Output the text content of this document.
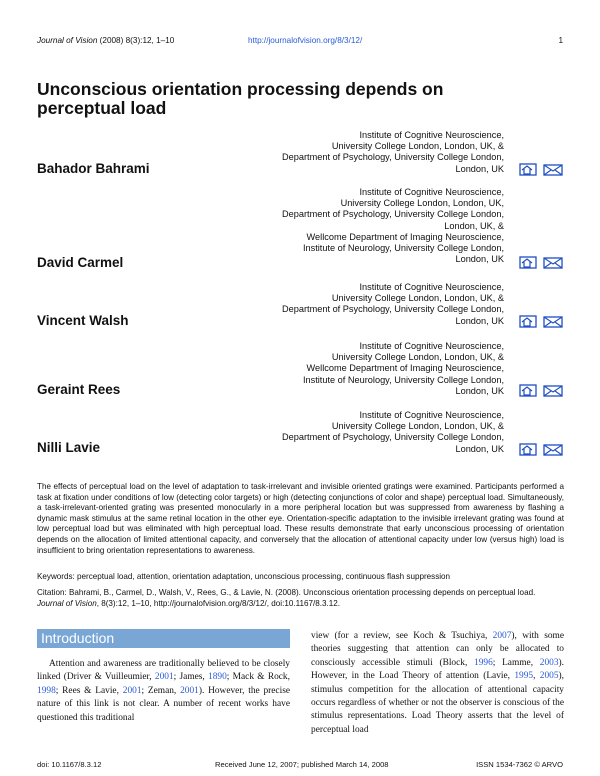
Journal of Vision (2008) 8(3):12, 1–10	http://journalofvision.org/8/3/12/	1
Unconscious orientation processing depends on perceptual load
Institute of Cognitive Neuroscience,
University College London, London, UK, &
Department of Psychology, University College London,
London, UK
Bahador Bahrami
Institute of Cognitive Neuroscience,
University College London, London, UK,
Department of Psychology, University College London,
London, UK, &
Wellcome Department of Imaging Neuroscience,
Institute of Neurology, University College London,
London, UK
David Carmel
Institute of Cognitive Neuroscience,
University College London, London, UK, &
Department of Psychology, University College London,
London, UK
Vincent Walsh
Institute of Cognitive Neuroscience,
University College London, London, UK, &
Wellcome Department of Imaging Neuroscience,
Institute of Neurology, University College London,
London, UK
Geraint Rees
Institute of Cognitive Neuroscience,
University College London, London, UK, &
Department of Psychology, University College London,
London, UK
Nilli Lavie
The effects of perceptual load on the level of adaptation to task-irrelevant and invisible oriented gratings were examined. Participants performed a task at fixation under conditions of low (detecting color targets) or high (detecting conjunctions of color and shape) perceptual load. Simultaneously, a task-irrelevant-oriented grating was presented monocularly in a more peripheral location but was suppressed from awareness by flashing a dynamic mask stimulus at the same retinal location in the other eye. Orientation-specific adaptation to the invisible irrelevant grating was found at low perceptual load but was eliminated with high perceptual load. These results demonstrate that early unconscious processing of orientation depends on the allocation of limited attentional capacity, and conversely that the allocation of attentional capacity under low (versus high) load is insufficient to bring orientation representations to awareness.
Keywords: perceptual load, attention, orientation adaptation, unconscious processing, continuous flash suppression
Citation: Bahrami, B., Carmel, D., Walsh, V., Rees, G., & Lavie, N. (2008). Unconscious orientation processing depends on perceptual load. Journal of Vision, 8(3):12, 1–10, http://journalofvision.org/8/3/12/, doi:10.1167/8.3.12.
Introduction

Attention and awareness are traditionally believed to be closely linked (Driver & Vuilleumier, 2001; James, 1890; Mack & Rock, 1998; Rees & Lavie, 2001; Zeman, 2001). However, the precise nature of this link is not clear. A number of recent works have questioned this traditional

view (for a review, see Koch & Tsuchiya, 2007), with some theories suggesting that attention can only be allocated to consciously accessible stimuli (Block, 1996; Lamme, 2003). However, in the Load Theory of attention (Lavie, 1995, 2005), stimulus competition for the allocation of attentional capacity occurs regardless of whether or not the observer is conscious of the stimulus representations. Load Theory asserts that the level of perceptual load

doi: 10.1167/8.3.12	Received June 12, 2007; published March 14, 2008	ISSN 1534-7362 © ARVO
